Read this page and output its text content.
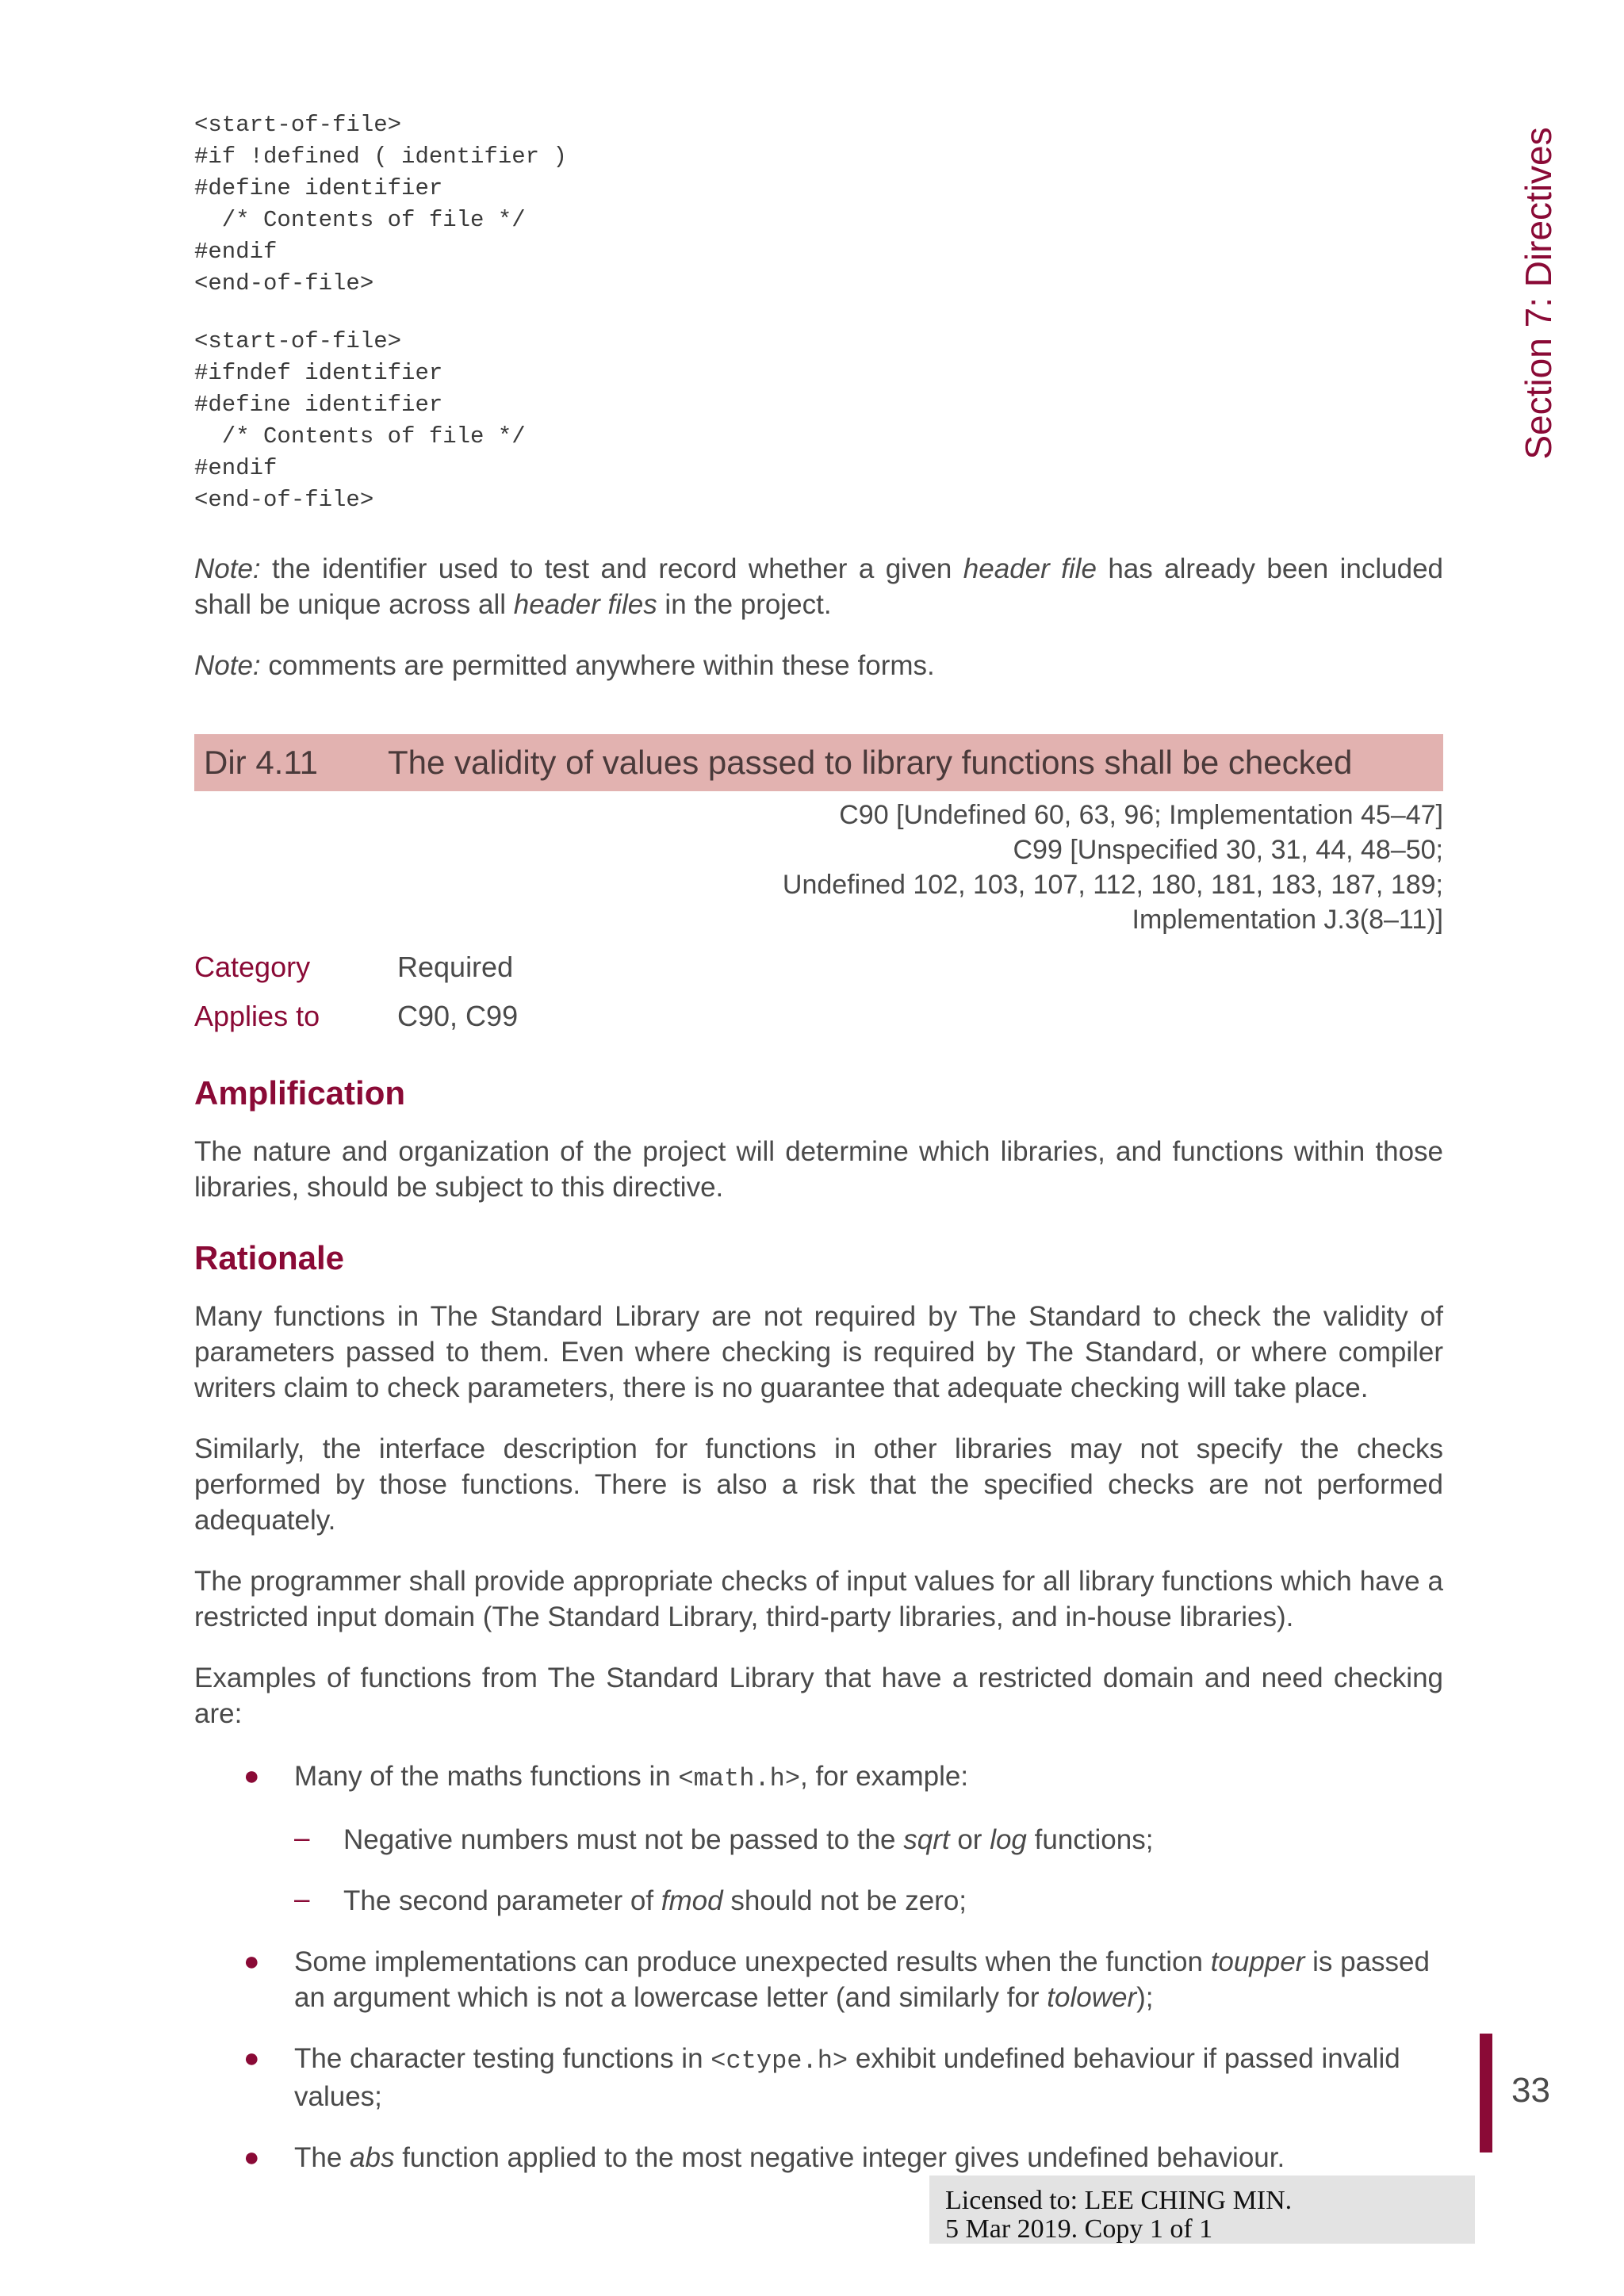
<start-of-file>
#if !defined ( identifier )
#define identifier
/* Contents of file */
#endif
<end-of-file>
<start-of-file>
#ifndef identifier
#define identifier
/* Contents of file */
#endif
<end-of-file>

Note: the identifier used to test and record whether a given header file has already been included shall be unique across all header files in the project.

Note: comments are permitted anywhere within these forms.

Dir 4.11	The validity of values passed to library functions shall be checked
C90 [Undefined 60, 63, 96; Implementation 45–47]
C99 [Unspecified 30, 31, 44, 48–50;
Undefined 102, 103, 107, 112, 180, 181, 183, 187, 189;
Implementation J.3(8–11)]
Category	Required
Applies to	C90, C99
Amplification

The nature and organization of the project will determine which libraries, and functions within those libraries, should be subject to this directive.

Rationale

Many functions in The Standard Library are not required by The Standard to check the validity of parameters passed to them. Even where checking is required by The Standard, or where compiler writers claim to check parameters, there is no guarantee that adequate checking will take place.

Similarly, the interface description for functions in other libraries may not specify the checks performed by those functions. There is also a risk that the specified checks are not performed adequately.

The programmer shall provide appropriate checks of input values for all library functions which have a restricted input domain (The Standard Library, third-party libraries, and in-house libraries).

Examples of functions from The Standard Library that have a restricted domain and need checking are:

● Many of the maths functions in <math.h>, for example:
– Negative numbers must not be passed to the sqrt or log functions;
– The second parameter of fmod should not be zero;
● Some implementations can produce unexpected results when the function toupper is passed an argument which is not a lowercase letter (and similarly for tolower);
● The character testing functions in <ctype.h> exhibit undefined behaviour if passed invalid values;
● The abs function applied to the most negative integer gives undefined behaviour.
Section 7: Directives
33
Licensed to: LEE CHING MIN.
5 Mar 2019. Copy 1 of 1
